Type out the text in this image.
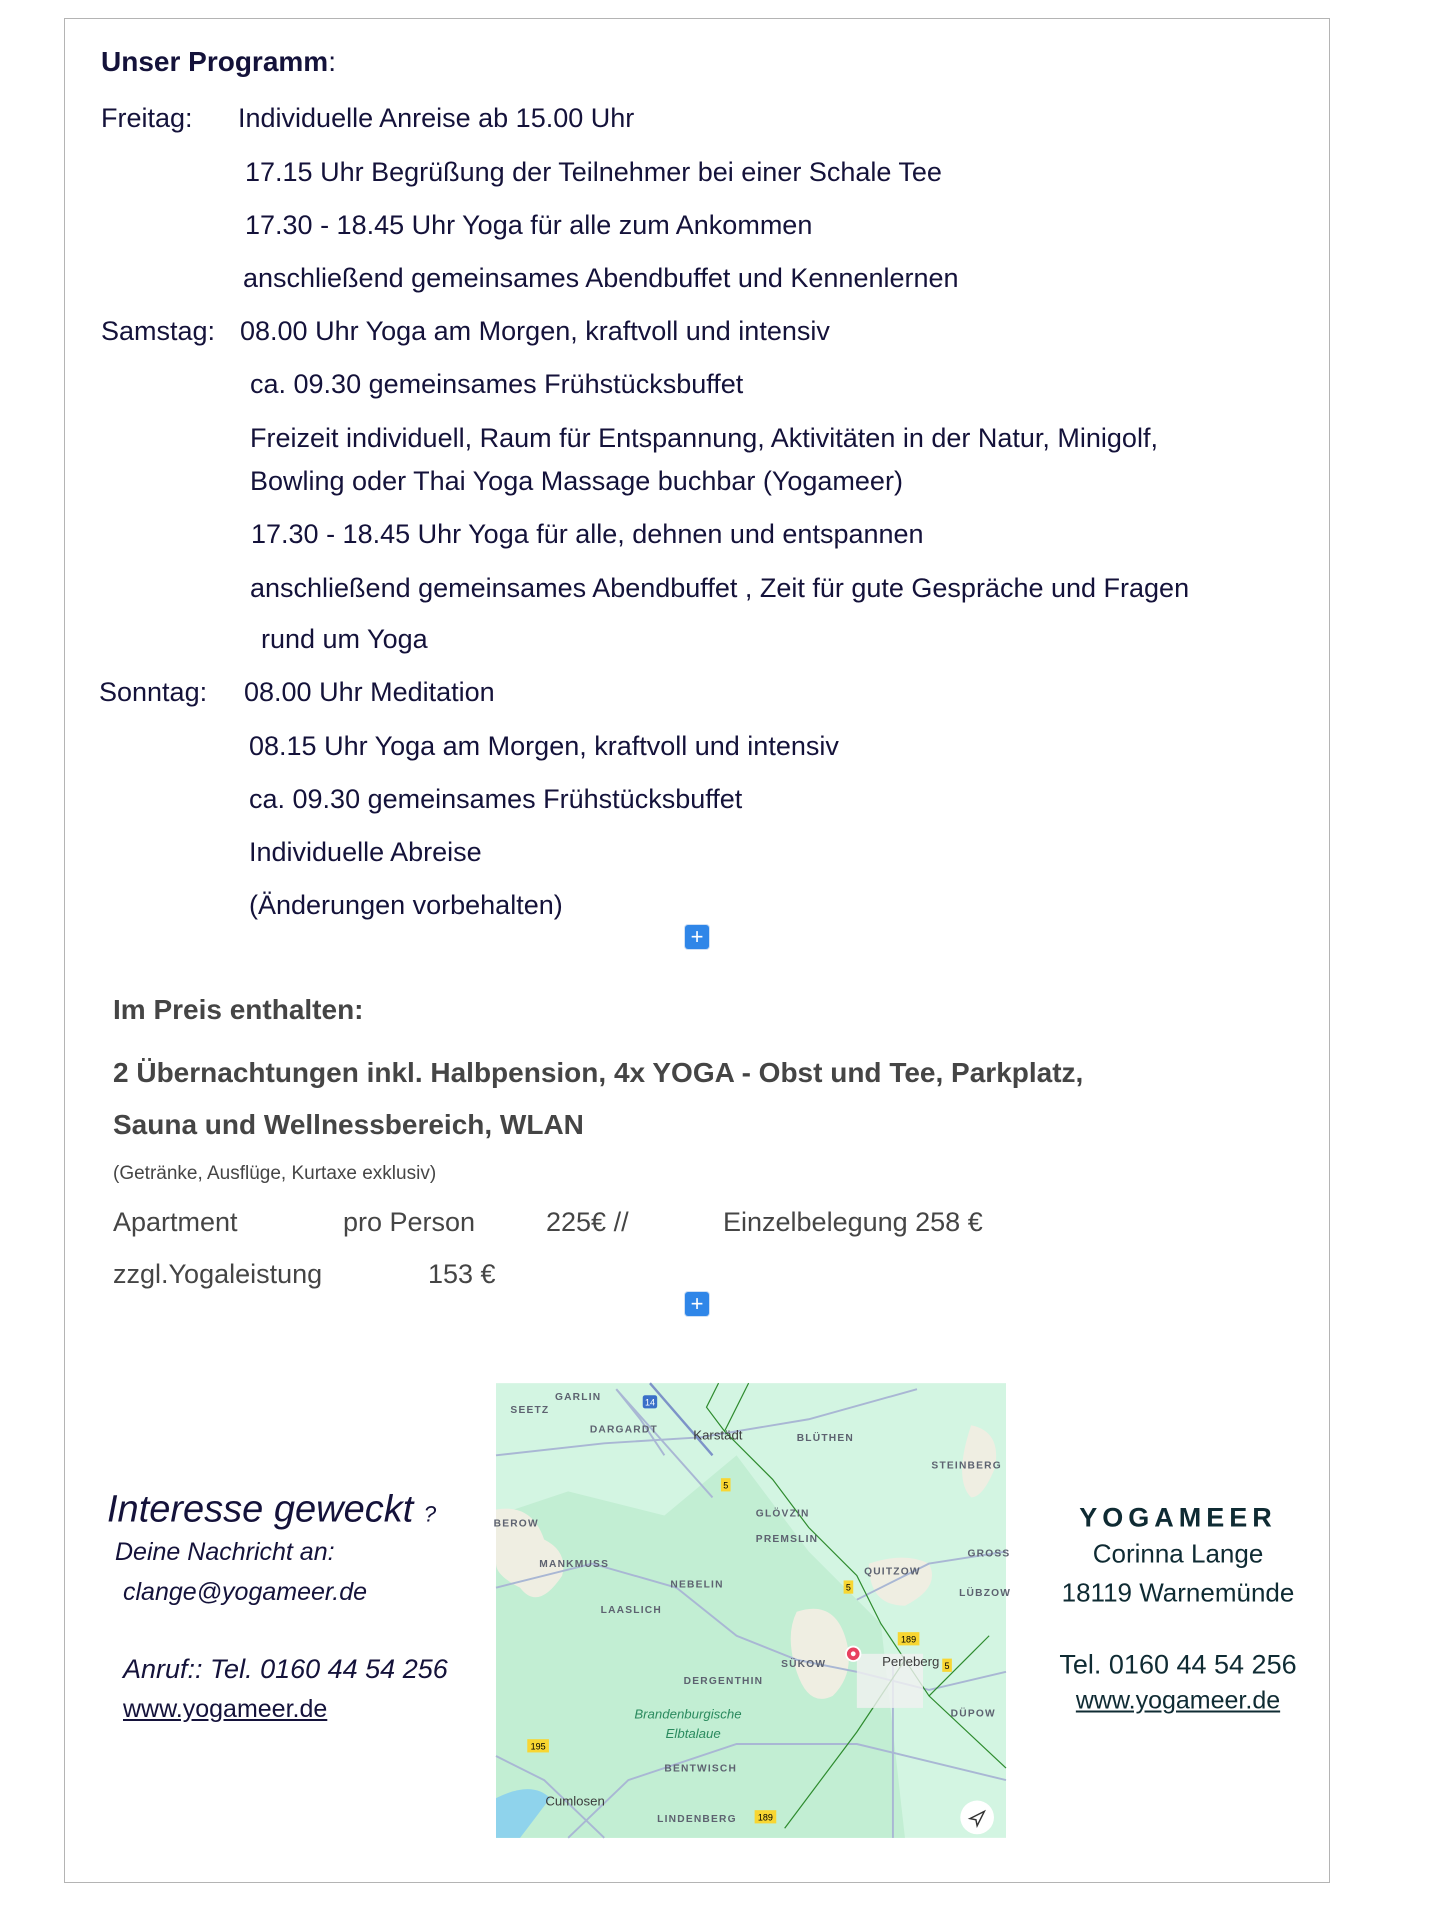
Unser Programm:
Freitag: Individuelle Anreise ab 15.00 Uhr
17.15 Uhr Begrüßung der Teilnehmer bei einer Schale Tee
17.30 - 18.45 Uhr Yoga für alle zum Ankommen
anschließend gemeinsames Abendbuffet und Kennenlernen
Samstag: 08.00 Uhr Yoga am Morgen, kraftvoll und intensiv
ca. 09.30 gemeinsames Frühstücksbuffet
Freizeit individuell, Raum für Entspannung, Aktivitäten in der Natur, Minigolf,
Bowling oder Thai Yoga Massage buchbar (Yogameer)
17.30 - 18.45 Uhr Yoga für alle, dehnen und entspannen
anschließend gemeinsames Abendbuffet , Zeit für gute Gespräche und Fragen
rund um Yoga
Sonntag: 08.00 Uhr Meditation
08.15 Uhr Yoga am Morgen, kraftvoll und intensiv
ca. 09.30 gemeinsames Frühstücksbuffet
Individuelle Abreise
(Änderungen vorbehalten)
+
Im Preis enthalten:
2 Übernachtungen inkl. Halbpension, 4x YOGA - Obst und Tee, Parkplatz,
Sauna und Wellnessbereich, WLAN
(Getränke, Ausflüge, Kurtaxe exklusiv)
Apartment	pro Person	225€ //	Einzelbelegung 258 €
zzgl.Yogaleistung	153 €
+
Interesse geweckt ?
Deine Nachricht an:
clange@yogameer.de
Anruf:: Tel. 0160 44 54 256
www.yogameer.de
YOGAMEER
Corinna Lange
18119 Warnemünde
Tel. 0160 44 54 256
www.yogameer.de
14
5
5
189
5
195
189
GARLIN
SEETZ
DARGARDT	Karstädt	BLÜTHEN
STEINBERG
GLÖVZIN
PREMSLIN
BEROW
MANKMUSS
GROSS
QUITZOW
NEBELIN
LÜBZOW
LAASLICH
SÜKOW	Perleberg
DERGENTHIN
DÜPOW
Brandenburgische
Elbtalaue
BENTWISCH
Cumlosen
LINDENBERG
